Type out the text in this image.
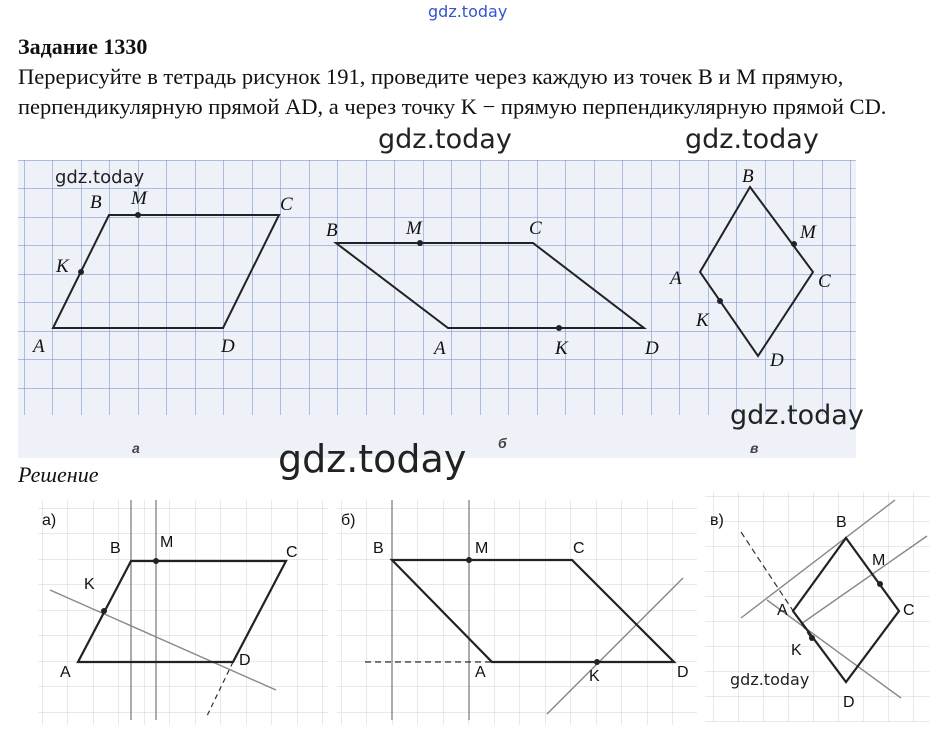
gdz.today
Задание 1330
Перерисуйте в тетрадь рисунок 191, проведите через каждую из точек B и M прямую, перпендикулярную прямой AD, а через точку K − прямую перпендикулярную прямой CD.
B M	C
K
A	D
а
B	M	C
A	K	D
б
B
M
A	C
K
D
в
gdz.today	gdz.today
gdz.today
gdz.today
gdz.today
Решение
а)
B M
C
K
A
D
б)
B	M	C
A	K	D
в)	B
M
A	C
K
D
gdz.today
